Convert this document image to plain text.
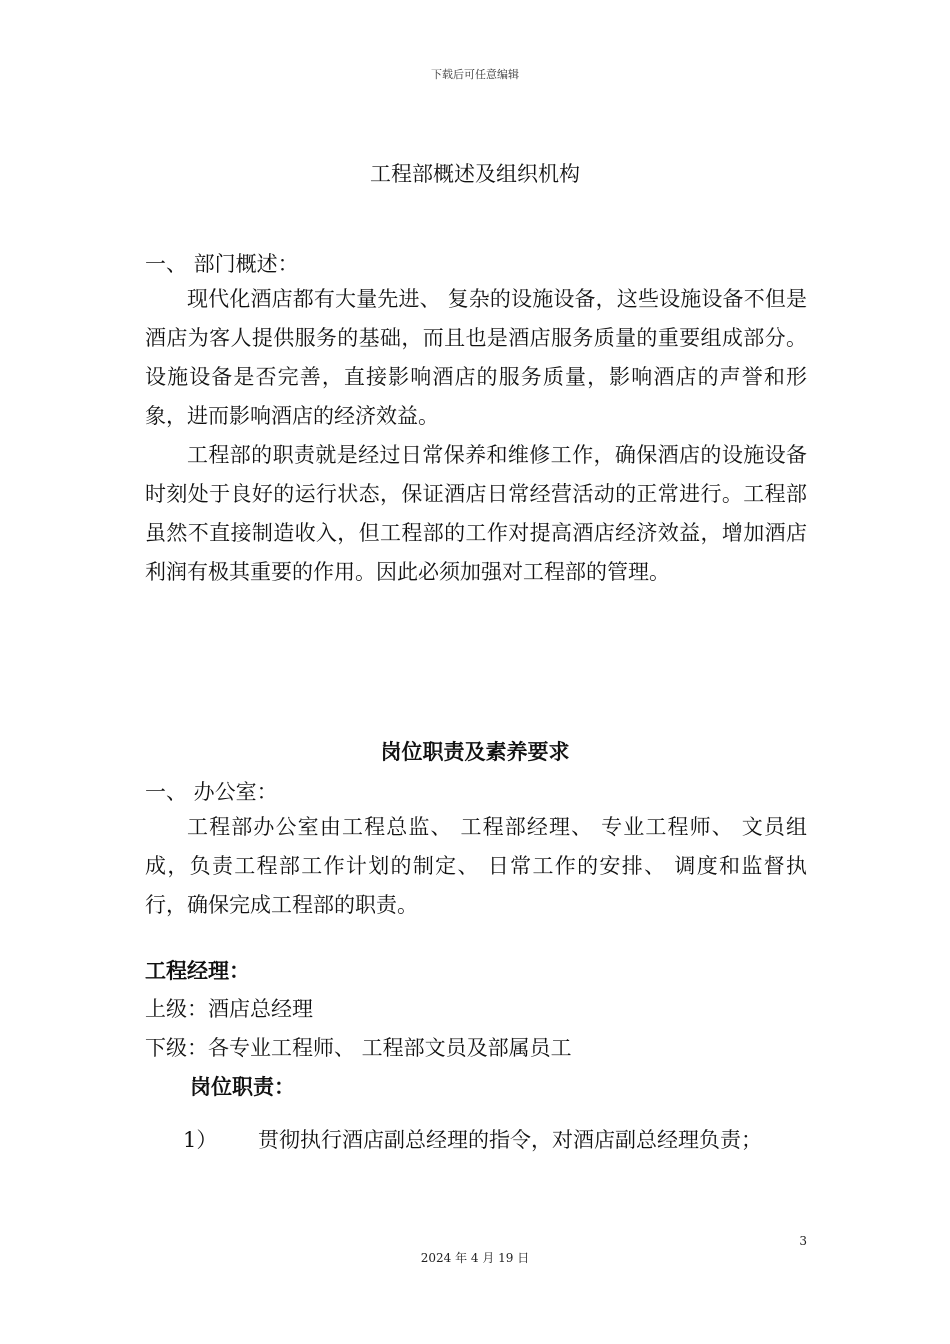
下载后可任意编辑
工程部概述及组织机构
一、 部门概述：

现代化酒店都有大量先进、 复杂的设施设备，这些设施设备不但是酒店为客人提供服务的基础，而且也是酒店服务质量的重要组成部分。设施设备是否完善，直接影响酒店的服务质量，影响酒店的声誉和形象，进而影响酒店的经济效益。

工程部的职责就是经过日常保养和维修工作，确保酒店的设施设备时刻处于良好的运行状态，保证酒店日常经营活动的正常进行。工程部虽然不直接制造收入，但工程部的工作对提高酒店经济效益，增加酒店利润有极其重要的作用。因此必须加强对工程部的管理。

岗位职责及素养要求
一、 办公室：

工程部办公室由工程总监、 工程部经理、 专业工程师、 文员组成，负责工程部工作计划的制定、 日常工作的安排、 调度和监督执行，确保完成工程部的职责。

工程经理：
上级：酒店总经理
下级：各专业工程师、 工程部文员及部属员工
岗位职责：
1） 贯彻执行酒店副总经理的指令，对酒店副总经理负责；
3
2024 年 4 月 19 日
